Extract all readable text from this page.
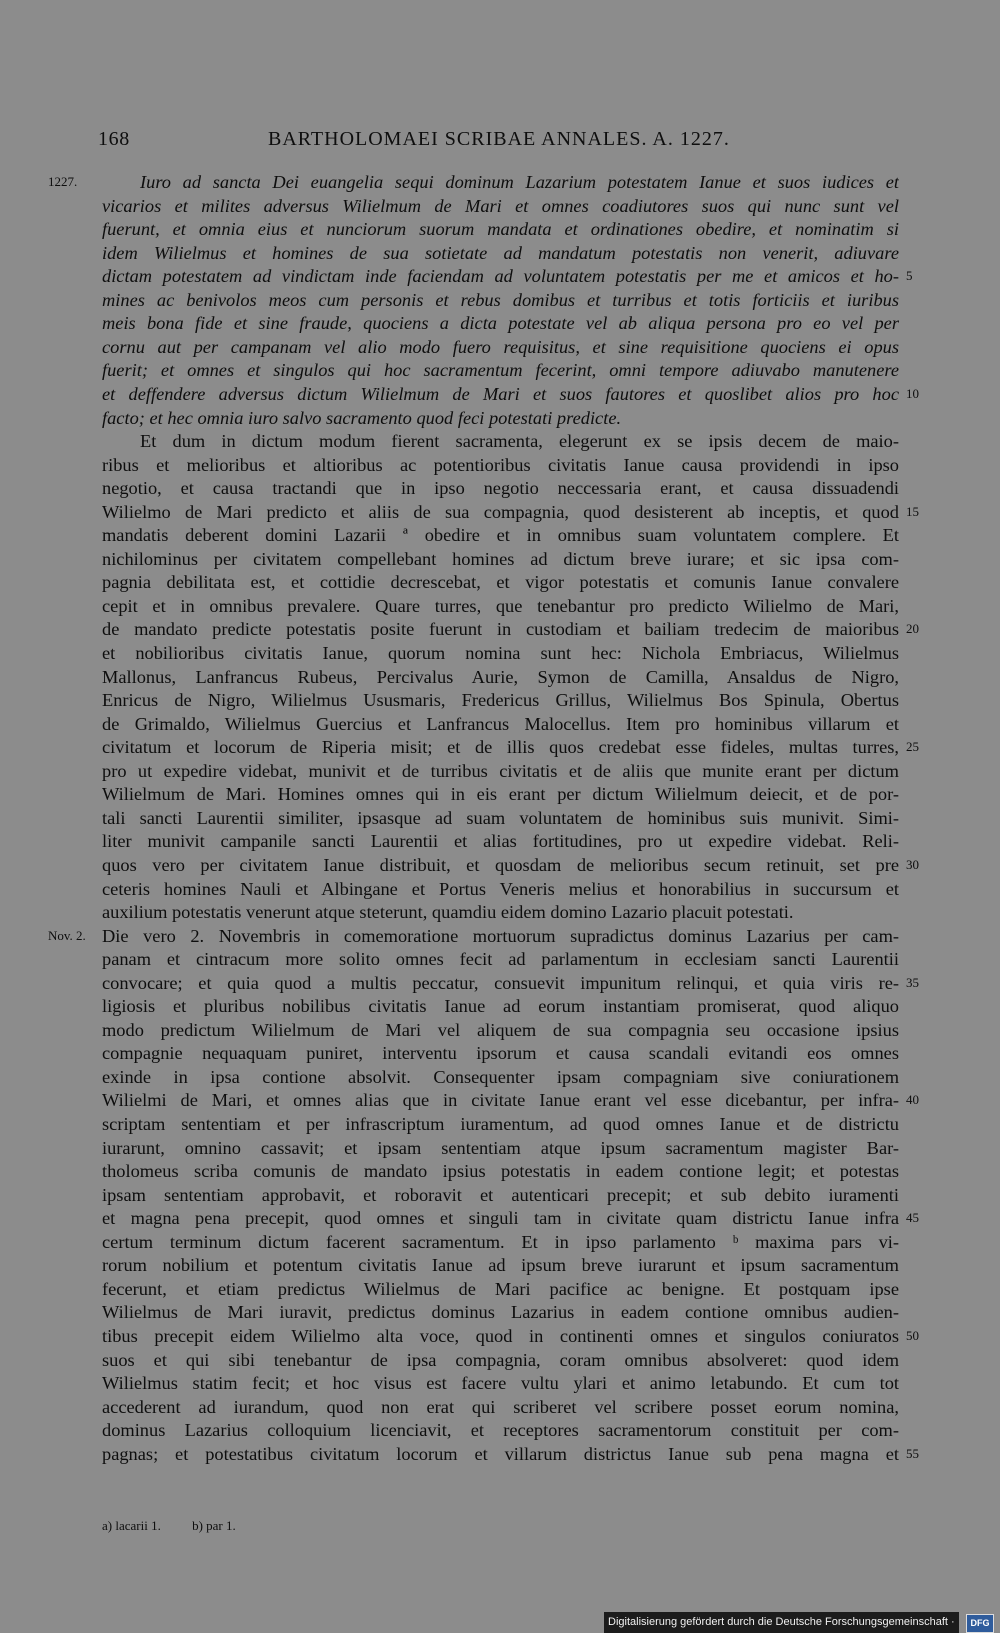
168	BARTHOLOMAEI SCRIBAE ANNALES. A. 1227.
Iuro ad sancta Dei euangelia sequi dominum Lazarium potestatem Ianue et suos iudices et
vicarios et milites adversus Wilielmum de Mari et omnes coadiutores suos qui nunc sunt vel
fuerunt, et omnia eius et nunciorum suorum mandata et ordinationes obedire, et nominatim si
idem Wilielmus et homines de sua sotietate ad mandatum potestatis non venerit, adiuvare
dictam potestatem ad vindictam inde faciendam ad voluntatem potestatis per me et amicos et ho-
mines ac benivolos meos cum personis et rebus domibus et turribus et totis forticiis et iuribus
meis bona fide et sine fraude, quociens a dicta potestate vel ab aliqua persona pro eo vel per
cornu aut per campanam vel alio modo fuero requisitus, et sine requisitione quociens ei opus
fuerit; et omnes et singulos qui hoc sacramentum fecerint, omni tempore adiuvabo manutenere
et deffendere adversus dictum Wilielmum de Mari et suos fautores et quoslibet alios pro hoc
facto; et hec omnia iuro salvo sacramento quod feci potestati predicte.
Et dum in dictum modum fierent sacramenta, elegerunt ex se ipsis decem de maio-
ribus et melioribus et altioribus ac potentioribus civitatis Ianue causa providendi in ipso
negotio, et causa tractandi que in ipso negotio neccessaria erant, et causa dissuadendi
Wilielmo de Mari predicto et aliis de sua compagnia, quod desisterent ab inceptis, et quod
mandatis deberent domini Lazarii ª obedire et in omnibus suam voluntatem complere. Et
nichilominus per civitatem compellebant homines ad dictum breve iurare; et sic ipsa com-
pagnia debilitata est, et cottidie decrescebat, et vigor potestatis et comunis Ianue convalere
cepit et in omnibus prevalere. Quare turres, que tenebantur pro predicto Wilielmo de Mari,
de mandato predicte potestatis posite fuerunt in custodiam et bailiam tredecim de maioribus
et nobilioribus civitatis Ianue, quorum nomina sunt hec: Nichola Embriacus, Wilielmus
Mallonus, Lanfrancus Rubeus, Percivalus Aurie, Symon de Camilla, Ansaldus de Nigro,
Enricus de Nigro, Wilielmus Ususmaris, Fredericus Grillus, Wilielmus Bos Spinula, Obertus
de Grimaldo, Wilielmus Guercius et Lanfrancus Malocellus. Item pro hominibus villarum et
civitatum et locorum de Riperia misit; et de illis quos credebat esse fideles, multas turres,
pro ut expedire videbat, munivit et de turribus civitatis et de aliis que munite erant per dictum
Wilielmum de Mari. Homines omnes qui in eis erant per dictum Wilielmum deiecit, et de por-
tali sancti Laurentii similiter, ipsasque ad suam voluntatem de hominibus suis munivit. Simi-
liter munivit campanile sancti Laurentii et alias fortitudines, pro ut expedire videbat. Reli-
quos vero per civitatem Ianue distribuit, et quosdam de melioribus secum retinuit, set pre
ceteris homines Nauli et Albingane et Portus Veneris melius et honorabilius in succursum et
auxilium potestatis venerunt atque steterunt, quamdiu eidem domino Lazario placuit potestati.
Die vero 2. Novembris in comemoratione mortuorum supradictus dominus Lazarius per cam-
panam et cintracum more solito omnes fecit ad parlamentum in ecclesiam sancti Laurentii
convocare; et quia quod a multis peccatur, consuevit impunitum relinqui, et quia viris re-
ligiosis et pluribus nobilibus civitatis Ianue ad eorum instantiam promiserat, quod aliquo
modo predictum Wilielmum de Mari vel aliquem de sua compagnia seu occasione ipsius
compagnie nequaquam puniret, interventu ipsorum et causa scandali evitandi eos omnes
exinde in ipsa contione absolvit. Consequenter ipsam compagniam sive coniurationem
Wilielmi de Mari, et omnes alias que in civitate Ianue erant vel esse dicebantur, per infra-
scriptam sententiam et per infrascriptum iuramentum, ad quod omnes Ianue et de districtu
iurarunt, omnino cassavit; et ipsam sententiam atque ipsum sacramentum magister Bar-
tholomeus scriba comunis de mandato ipsius potestatis in eadem contione legit; et potestas
ipsam sententiam approbavit, et roboravit et autenticari precepit; et sub debito iuramenti
et magna pena precepit, quod omnes et singuli tam in civitate quam districtu Ianue infra
certum terminum dictum facerent sacramentum. Et in ipso parlamento ᵇ maxima pars vi-
rorum nobilium et potentum civitatis Ianue ad ipsum breve iurarunt et ipsum sacramentum
fecerunt, et etiam predictus Wilielmus de Mari pacifice ac benigne. Et postquam ipse
Wilielmus de Mari iuravit, predictus dominus Lazarius in eadem contione omnibus audien-
tibus precepit eidem Wilielmo alta voce, quod in continenti omnes et singulos coniuratos
suos et qui sibi tenebantur de ipsa compagnia, coram omnibus absolveret: quod idem
Wilielmus statim fecit; et hoc visus est facere vultu ylari et animo letabundo. Et cum tot
accederent ad iurandum, quod non erat qui scriberet vel scribere posset eorum nomina,
dominus Lazarius colloquium licenciavit, et receptores sacramentorum constituit per com-
pagnas; et potestatibus civitatum locorum et villarum districtus Ianue sub pena magna et
1227.
Nov. 2.
5
10
15
20
25
30
35
40
45
50
55
a) lacarii 1. b) par 1.
Digitalisierung gefördert durch die Deutsche Forschungsgemeinschaft ·	DFG
